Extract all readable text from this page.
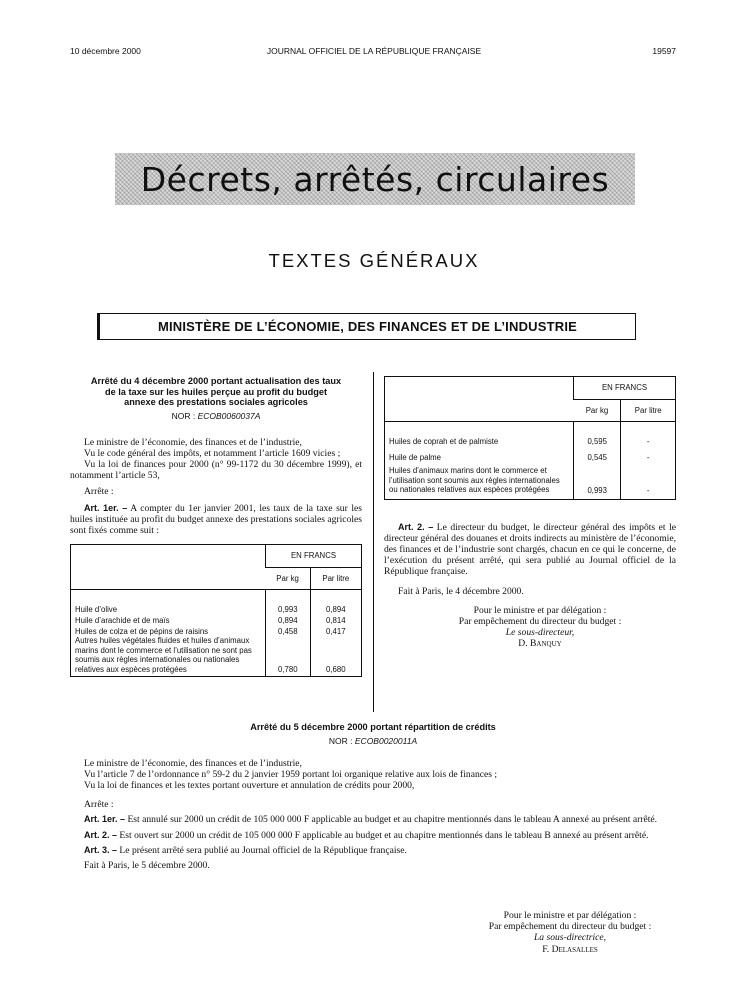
10 décembre 2000	JOURNAL OFFICIEL DE LA RÉPUBLIQUE FRANÇAISE	19597
Décrets, arrêtés, circulaires
TEXTES GÉNÉRAUX
MINISTÈRE DE L’ÉCONOMIE, DES FINANCES ET DE L’INDUSTRIE
Arrêté du 4 décembre 2000 portant actualisation des taux
de la taxe sur les huiles perçue au profit du budget
annexe des prestations sociales agricoles
NOR : ECOB0060037A
Le ministre de l’économie, des finances et de l’industrie,
Vu le code général des impôts, et notamment l’article 1609 vicies ;
Vu la loi de finances pour 2000 (n° 99-1172 du 30 décembre 1999), et notamment l’article 53,
Arrête :
Art. 1er. – A compter du 1er janvier 2001, les taux de la taxe sur les huiles instituée au profit du budget annexe des prestations sociales agricoles sont fixés comme suit :
	EN FRANCS	
	Par kg	Par litre

Huile d’olive	0,993	0,894
Huile d’arachide et de maïs	0,894	0,814
Huiles de colza et de pépins de raisins	0,458	0,417
Autres huiles végétales fluides et huiles d’animaux marins dont le commerce et l’utilisation ne sont pas soumis aux règles internationales ou nationales relatives aux espèces protégées	0,780	0,680
	EN FRANCS	
	Par kg	Par litre

Huiles de coprah et de palmiste	0,595	-
Huile de palme	0,545	-
Huiles d’animaux marins dont le commerce et l’utilisation sont soumis aux règles internationales ou nationales relatives aux espèces protégées	0,993	-
Art. 2. – Le directeur du budget, le directeur général des impôts et le directeur général des douanes et droits indirects au ministère de l’économie, des finances et de l’industrie sont chargés, chacun en ce qui le concerne, de l’exécution du présent arrêté, qui sera publié au Journal officiel de la République française.
Fait à Paris, le 4 décembre 2000.
Pour le ministre et par délégation :
Par empêchement du directeur du budget :
Le sous-directeur,
D. Banquy
Arrêté du 5 décembre 2000 portant répartition de crédits
NOR : ECOB0020011A
Le ministre de l’économie, des finances et de l’industrie,
Vu l’article 7 de l’ordonnance n° 59-2 du 2 janvier 1959 portant loi organique relative aux lois de finances ;
Vu la loi de finances et les textes portant ouverture et annulation de crédits pour 2000,
Arrête :
Art. 1er. – Est annulé sur 2000 un crédit de 105 000 000 F applicable au budget et au chapitre mentionnés dans le tableau A annexé au présent arrêté.
Art. 2. – Est ouvert sur 2000 un crédit de 105 000 000 F applicable au budget et au chapitre mentionnés dans le tableau B annexé au présent arrêté.
Art. 3. – Le présent arrêté sera publié au Journal officiel de la République française.
Fait à Paris, le 5 décembre 2000.
Pour le ministre et par délégation :
Par empêchement du directeur du budget :
La sous-directrice,
F. Delasalles
